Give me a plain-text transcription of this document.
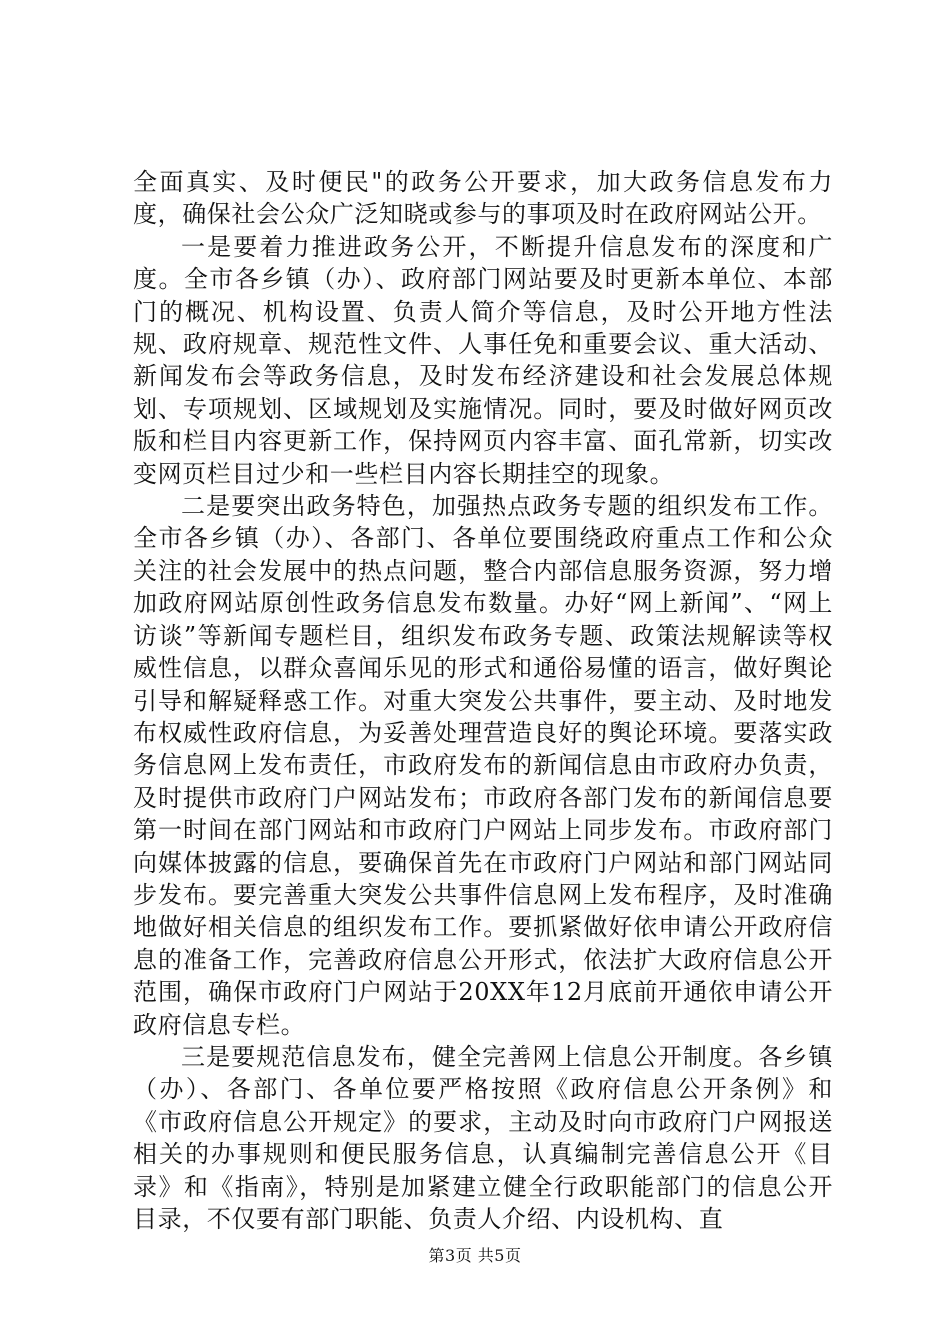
全面真实、及时便民"的政务公开要求，加大政务信息发布力度，确保社会公众广泛知晓或参与的事项及时在政府网站公开。

一是要着力推进政务公开，不断提升信息发布的深度和广度。全市各乡镇（办）、政府部门网站要及时更新本单位、本部门的概况、机构设置、负责人简介等信息，及时公开地方性法规、政府规章、规范性文件、人事任免和重要会议、重大活动、新闻发布会等政务信息，及时发布经济建设和社会发展总体规划、专项规划、区域规划及实施情况。同时，要及时做好网页改版和栏目内容更新工作，保持网页内容丰富、面孔常新，切实改变网页栏目过少和一些栏目内容长期挂空的现象。

二是要突出政务特色，加强热点政务专题的组织发布工作。全市各乡镇（办）、各部门、各单位要围绕政府重点工作和公众关注的社会发展中的热点问题，整合内部信息服务资源，努力增加政府网站原创性政务信息发布数量。办好“网上新闻”、“网上访谈”等新闻专题栏目，组织发布政务专题、政策法规解读等权威性信息，以群众喜闻乐见的形式和通俗易懂的语言，做好舆论引导和解疑释惑工作。对重大突发公共事件，要主动、及时地发布权威性政府信息，为妥善处理营造良好的舆论环境。要落实政务信息网上发布责任，市政府发布的新闻信息由市政府办负责，及时提供市政府门户网站发布；市政府各部门发布的新闻信息要第一时间在部门网站和市政府门户网站上同步发布。市政府部门向媒体披露的信息，要确保首先在市政府门户网站和部门网站同步发布。要完善重大突发公共事件信息网上发布程序，及时准确地做好相关信息的组织发布工作。要抓紧做好依申请公开政府信息的准备工作，完善政府信息公开形式，依法扩大政府信息公开范围，确保市政府门户网站于20XX年12月底前开通依申请公开政府信息专栏。

三是要规范信息发布，健全完善网上信息公开制度。各乡镇（办）、各部门、各单位要严格按照《政府信息公开条例》和《市政府信息公开规定》的要求，主动及时向市政府门户网报送相关的办事规则和便民服务信息，认真编制完善信息公开《目录》和《指南》，特别是加紧建立健全行政职能部门的信息公开目录，不仅要有部门职能、负责人介绍、内设机构、直

第3页 共5页
